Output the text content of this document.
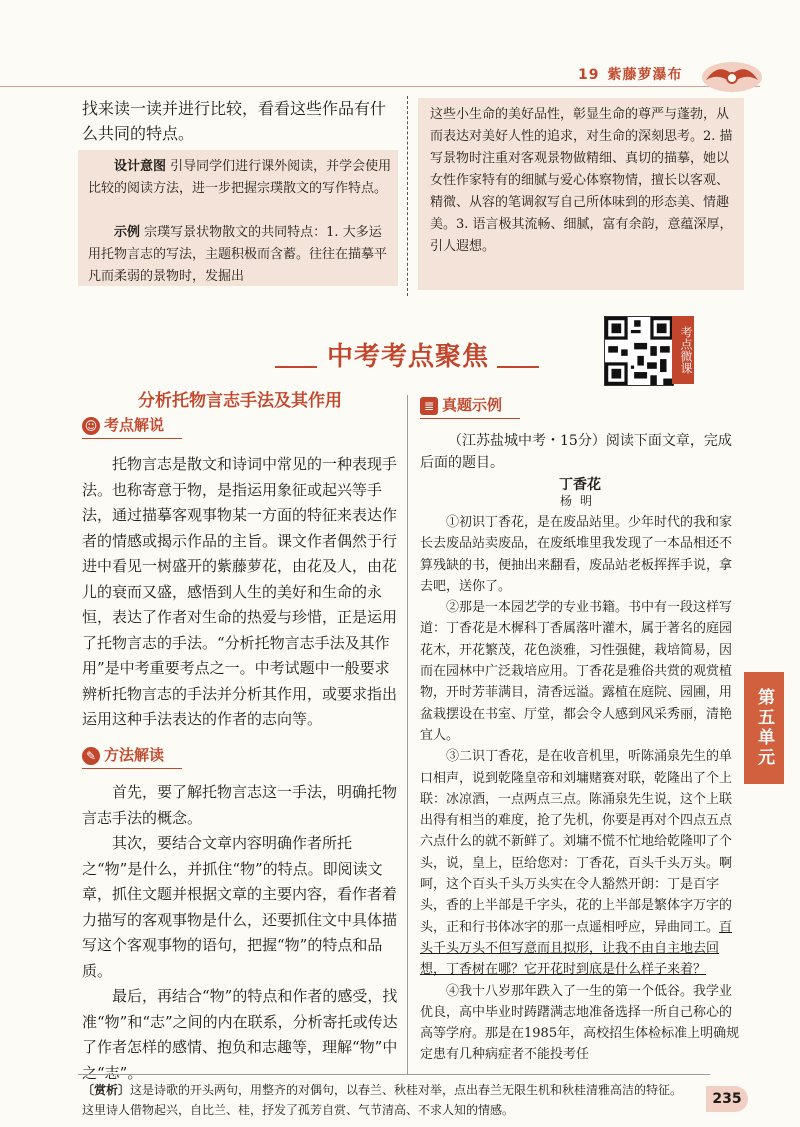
19 紫藤萝瀑布
找来读一读并进行比较，看看这些作品有什么共同的特点。
设计意图 引导同学们进行课外阅读，并学会使用比较的阅读方法，进一步把握宗璞散文的写作特点。
示例 宗璞写景状物散文的共同特点：1. 大多运用托物言志的写法，主题积极而含蓄。往往在描摹平凡而柔弱的景物时，发掘出
这些小生命的美好品性，彰显生命的尊严与蓬勃，从而表达对美好人性的追求，对生命的深刻思考。2. 描写景物时注重对客观景物做精细、真切的描摹，她以女性作家特有的细腻与爱心体察物情，擅长以客观、精微、从容的笔调叙写自己所体味到的形态美、情趣美。3. 语言极其流畅、细腻，富有余韵，意蕴深厚，引人遐想。
中考考点聚焦	考点微课
分析托物言志手法及其作用
☺ 考点解说

托物言志是散文和诗词中常见的一种表现手法。也称寄意于物，是指运用象征或起兴等手法，通过描摹客观事物某一方面的特征来表达作者的情感或揭示作品的主旨。课文作者偶然于行进中看见一树盛开的紫藤萝花，由花及人，由花儿的衰而又盛，感悟到人生的美好和生命的永恒，表达了作者对生命的热爱与珍惜，正是运用了托物言志的手法。“分析托物言志手法及其作用”是中考重要考点之一。中考试题中一般要求辨析托物言志的手法并分析其作用，或要求指出运用这种手法表达的作者的志向等。

✎ 方法解读

首先，要了解托物言志这一手法，明确托物言志手法的概念。

其次，要结合文章内容明确作者所托之“物”是什么，并抓住“物”的特点。即阅读文章，抓住文题并根据文章的主要内容，看作者着力描写的客观事物是什么，还要抓住文中具体描写这个客观事物的语句，把握“物”的特点和品质。

最后，再结合“物”的特点和作者的感受，找准“物”和“志”之间的内在联系，分析寄托或传达了作者怎样的感情、抱负和志趣等，理解“物”中之“志”。

≣ 真题示例
（江苏盐城中考・15分）阅读下面文章，完成后面的题目。
丁香花
杨明

①初识丁香花，是在废品站里。少年时代的我和家长去废品站卖废品，在废纸堆里我发现了一本品相还不算残缺的书，便抽出来翻看，废品站老板挥挥手说，拿去吧，送你了。

②那是一本园艺学的专业书籍。书中有一段这样写道：丁香花是木樨科丁香属落叶灌木，属于著名的庭园花木，开花繁茂，花色淡雅，习性强健，栽培简易，因而在园林中广泛栽培应用。丁香花是雅俗共赏的观赏植物，开时芳菲满目，清香远溢。露植在庭院、园圃，用盆栽摆设在书室、厅堂，都会令人感到风采秀丽，清艳宜人。

③二识丁香花，是在收音机里，听陈涌泉先生的单口相声，说到乾隆皇帝和刘墉赌赛对联，乾隆出了个上联：冰凉酒，一点两点三点。陈涌泉先生说，这个上联出得有相当的难度，抢了先机，你要是再对个四点五点六点什么的就不新鲜了。刘墉不慌不忙地给乾隆叩了个头，说，皇上，臣给您对：丁香花，百头千头万头。啊呵，这个百头千头万头实在令人豁然开朗：丁是百字头，香的上半部是千字头，花的上半部是繁体字万字的头，正和行书体冰字的那一点遥相呼应，异曲同工。百头千头万头不但写意而且拟形，让我不由自主地去回想，丁香树在哪？它开花时到底是什么样子来着？

④我十八岁那年跌入了一生的第一个低谷。我学业优良，高中毕业时踌躇满志地准备选择一所自己称心的高等学府。那是在1985年，高校招生体检标准上明确规定患有几种病症者不能投考任

第五单元
〔赏析〕这是诗歌的开头两句，用整齐的对偶句，以春兰、秋桂对举，点出春兰无限生机和秋桂清雅高洁的特征。这里诗人借物起兴，自比兰、桂，抒发了孤芳自赏、气节清高、不求人知的情感。
235
